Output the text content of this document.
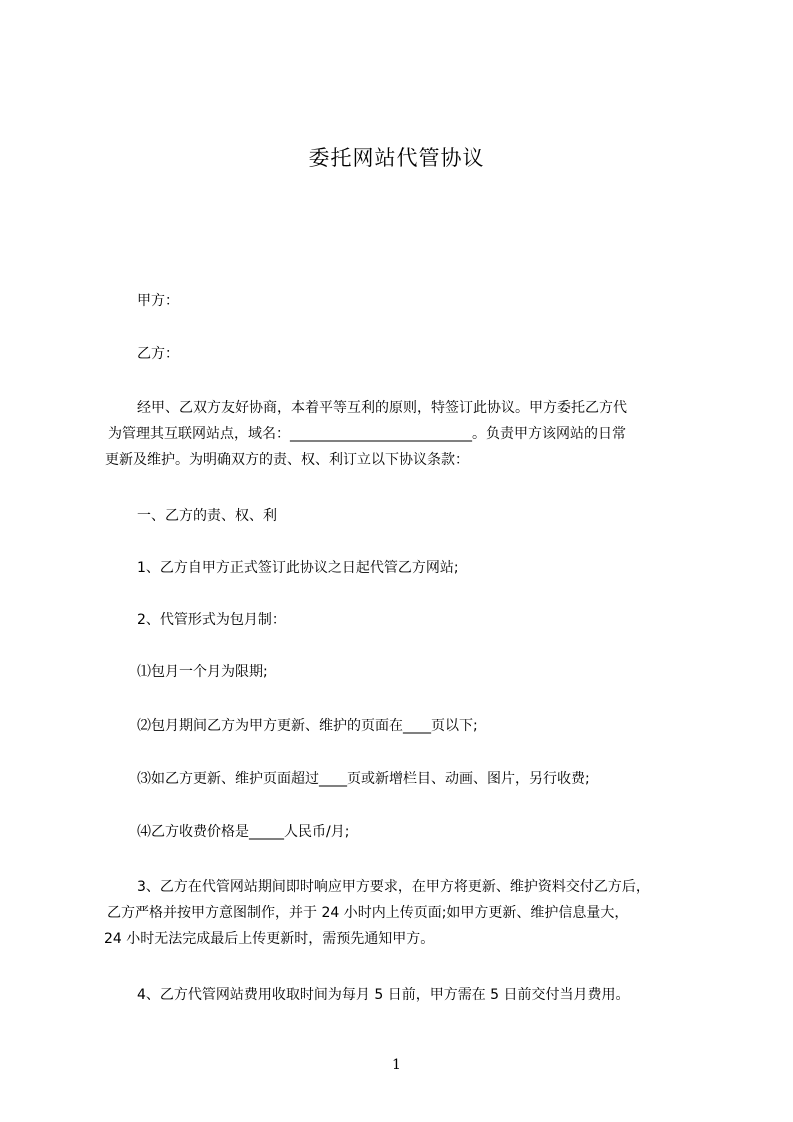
委托网站代管协议
甲方：
乙方：
经甲、乙双方友好协商，本着平等互利的原则，特签订此协议。甲方委托乙方代
为管理其互联网站点，域名：__________________________。负责甲方该网站的日常
更新及维护。为明确双方的责、权、利订立以下协议条款：
一、乙方的责、权、利
1、乙方自甲方正式签订此协议之日起代管乙方网站;
2、代管形式为包月制：
⑴包月一个月为限期;
⑵包月期间乙方为甲方更新、维护的页面在____页以下;
⑶如乙方更新、维护页面超过____页或新增栏目、动画、图片，另行收费;
⑷乙方收费价格是_____人民币/月;
3、乙方在代管网站期间即时响应甲方要求，在甲方将更新、维护资料交付乙方后，
乙方严格并按甲方意图制作，并于 24 小时内上传页面;如甲方更新、维护信息量大，
24 小时无法完成最后上传更新时，需预先通知甲方。
4、乙方代管网站费用收取时间为每月 5 日前，甲方需在 5 日前交付当月费用。
1
